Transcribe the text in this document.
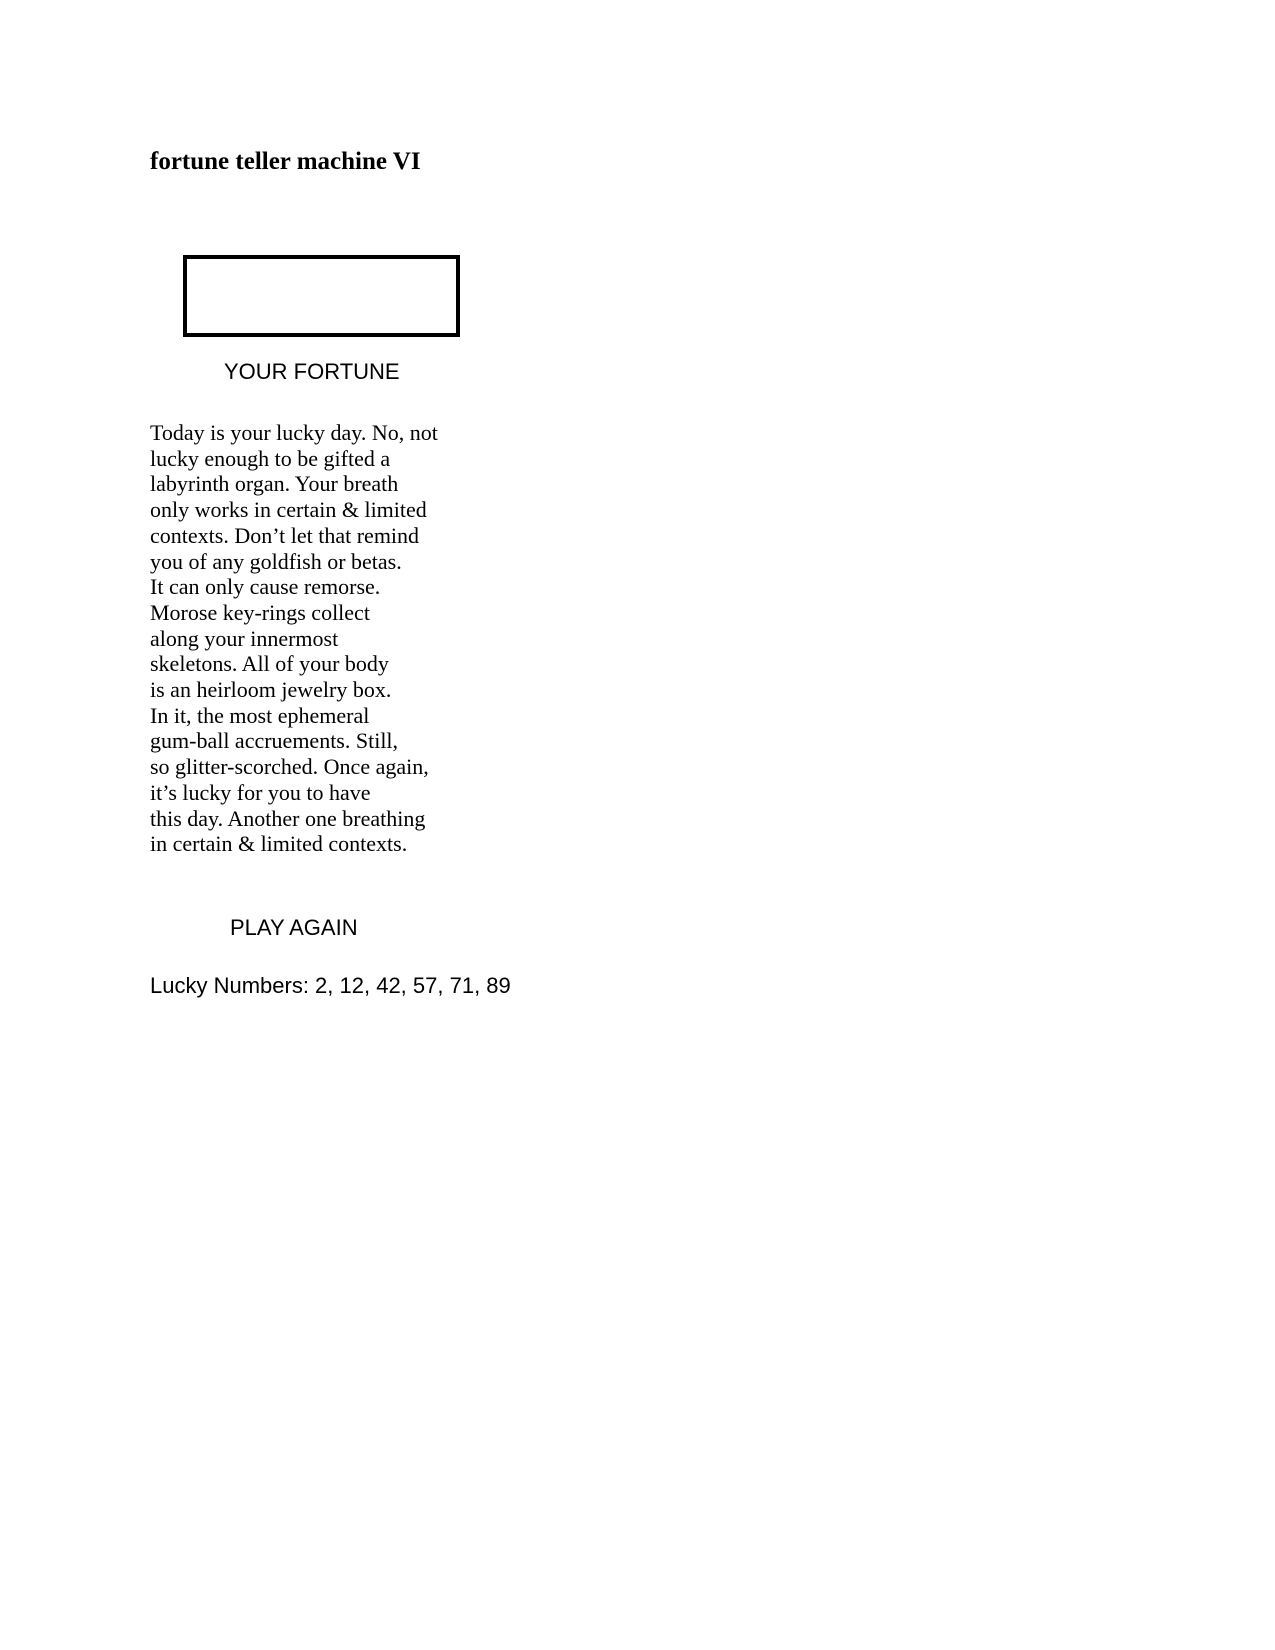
fortune teller machine VI
YOUR FORTUNE
Today is your lucky day. No, not
lucky enough to be gifted a
labyrinth organ. Your breath
only works in certain & limited
contexts. Don’t let that remind
you of any goldfish or betas.
It can only cause remorse.
Morose key-rings collect
along your innermost
skeletons. All of your body
is an heirloom jewelry box.
In it, the most ephemeral
gum-ball accruements. Still,
so glitter-scorched. Once again,
it’s lucky for you to have
this day. Another one breathing
in certain & limited contexts.
PLAY AGAIN
Lucky Numbers: 2, 12, 42, 57, 71, 89
